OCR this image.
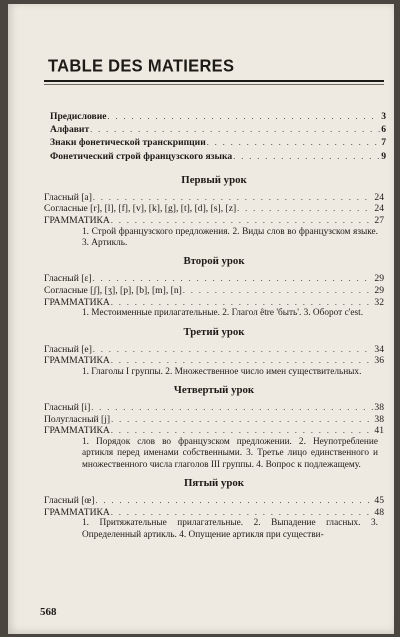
TABLE DES MATIERES
Предисловие . . .	3
Алфавит . . .	6
Знаки фонетической транскрипции . . .	7
Фонетический строй французского языка . . .	9
Первый урок
Гласный [a] . . .	24
Согласные [r], [l], [f], [v], [k], [g], [t], [d], [s], [z] . . .	24
ГРАММАТИКА . . .	27
1. Строй французского предложения. 2. Виды слов во французском языке. 3. Артикль.
Второй урок
Гласный [ɛ] . . .	29
Согласные [ʃ], [ʒ], [p], [b], [m], [n] . . .	29
ГРАММАТИКА . . .	32
1. Местоименные прилагательные. 2. Глагол être 'быть'. 3. Оборот c'est.
Третий урок
Гласный [e] . . .	34
ГРАММАТИКА . . .	36
1. Глаголы I группы. 2. Множественное число имен существительных.
Четвертый урок
Гласный [i] . . .	38
Полугласный [j] . . .	38
ГРАММАТИКА . . .	41
1. Порядок слов во французском предложении. 2. Неупотребление артикля перед именами собственными. 3. Третье лицо единственного и множественного числа глаголов III группы. 4. Вопрос к подлежащему.
Пятый урок
Гласный [œ] . . .	45
ГРАММАТИКА . . .	48
1. Притяжательные прилагательные. 2. Выпадение гласных. 3. Определенный артикль. 4. Опущение артикля при существи-
568
